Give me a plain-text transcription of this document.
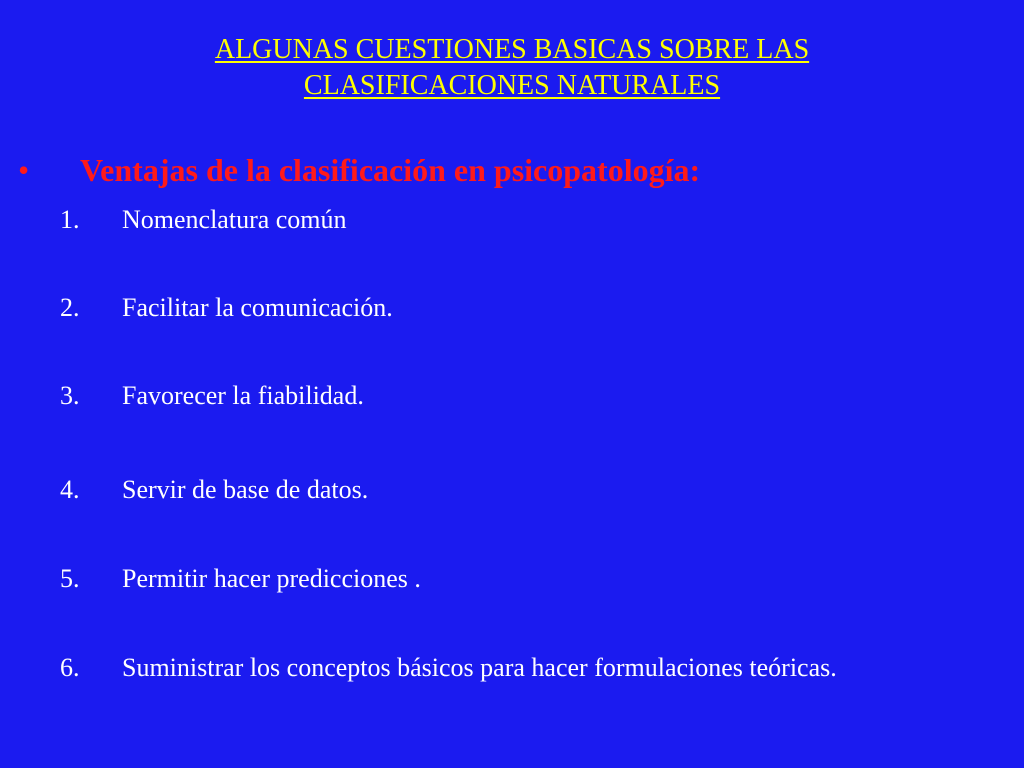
ALGUNAS CUESTIONES BASICAS SOBRE LAS
CLASIFICACIONES NATURALES
• Ventajas de la clasificación en psicopatología:
1. Nomenclatura común
2. Facilitar la comunicación.
3. Favorecer la fiabilidad.
4. Servir de base de datos.
5. Permitir hacer predicciones .
6. Suministrar los conceptos básicos para hacer formulaciones teóricas.
